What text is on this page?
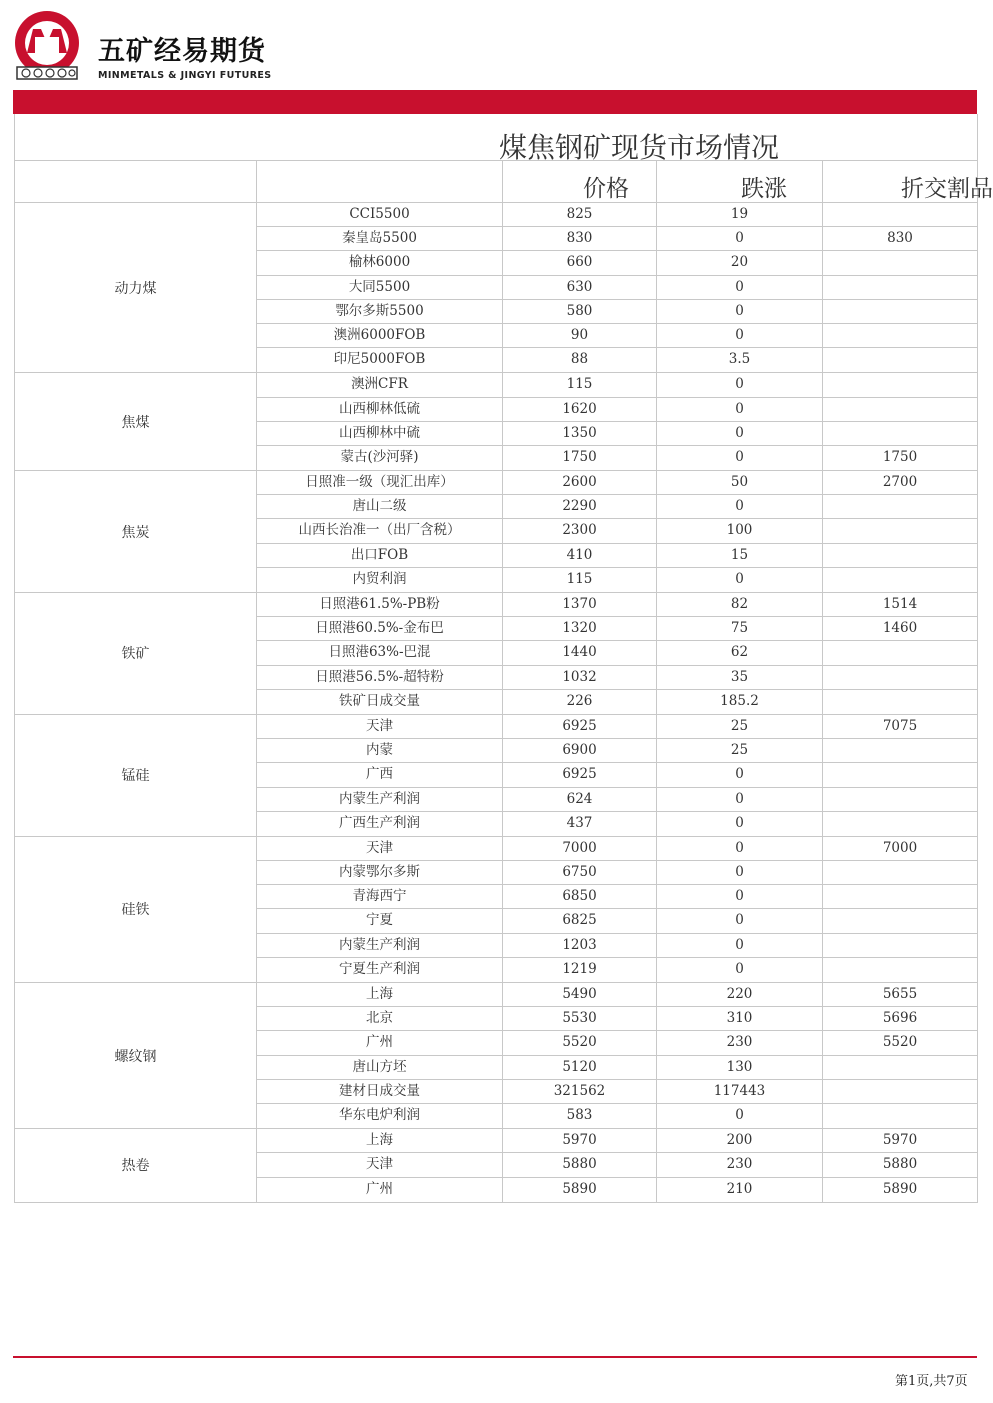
五矿经易期货
MINMETALS & JINGYI FUTURES
煤焦钢矿现货市场情况
价格	跌涨	折交割品
动力煤
CCI5500	825	19
秦皇岛5500	830	0	830
榆林6000	660	20
大同5500	630	0
鄂尔多斯5500	580	0
澳洲6000FOB	90	0
印尼5000FOB	88	3.5
焦煤
澳洲CFR	115	0
山西柳林低硫	1620	0
山西柳林中硫	1350	0
蒙古(沙河驿)	1750	0	1750
焦炭
日照准一级（现汇出库）	2600	50	2700
唐山二级	2290	0
山西长治准一（出厂含税）	2300	100
出口FOB	410	15
内贸利润	115	0
铁矿
日照港61.5%-PB粉	1370	82	1514
日照港60.5%-金布巴	1320	75	1460
日照港63%-巴混	1440	62
日照港56.5%-超特粉	1032	35
铁矿日成交量	226	185.2
锰硅
天津	6925	25	7075
内蒙	6900	25
广西	6925	0
内蒙生产利润	624	0
广西生产利润	437	0
硅铁
天津	7000	0	7000
内蒙鄂尔多斯	6750	0
青海西宁	6850	0
宁夏	6825	0
内蒙生产利润	1203	0
宁夏生产利润	1219	0
螺纹钢
上海	5490	220	5655
北京	5530	310	5696
广州	5520	230	5520
唐山方坯	5120	130
建材日成交量	321562	117443
华东电炉利润	583	0
热卷
上海	5970	200	5970
天津	5880	230	5880
广州	5890	210	5890
第1页,共7页
